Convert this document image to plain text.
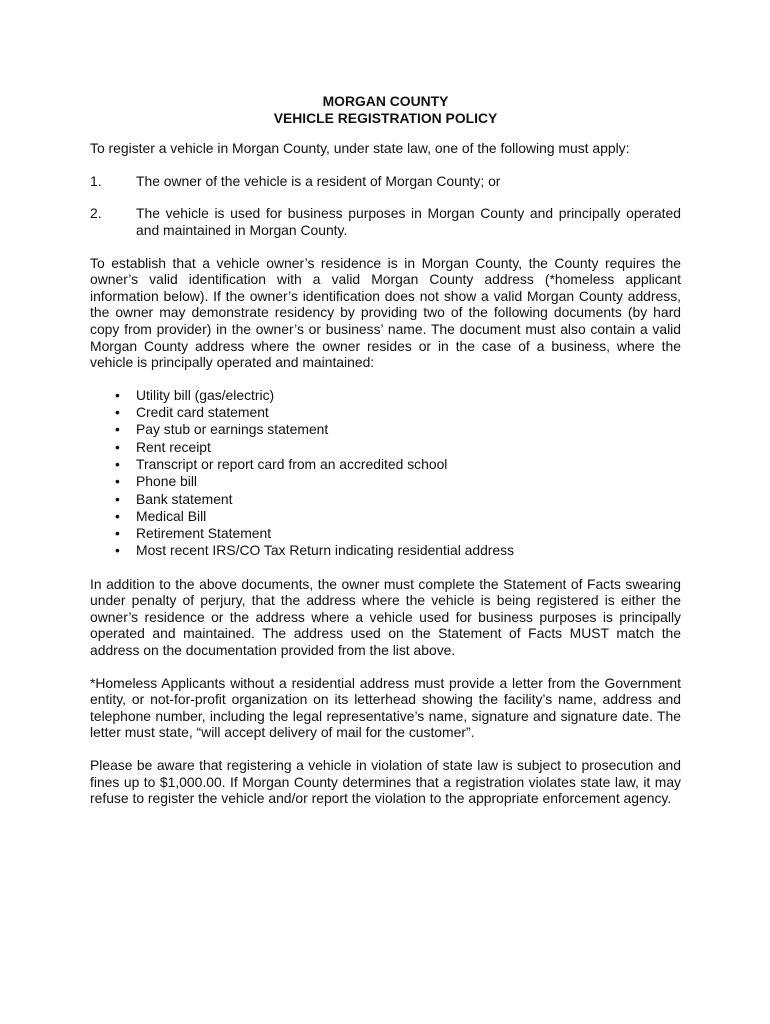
MORGAN COUNTY

VEHICLE REGISTRATION POLICY

To register a vehicle in Morgan County, under state law, one of the following must apply:

1.	The owner of the vehicle is a resident of Morgan County; or
2.	The vehicle is used for business purposes in Morgan County and principally operated and maintained in Morgan County.

To establish that a vehicle owner’s residence is in Morgan County, the County requires the owner’s valid identification with a valid Morgan County address (*homeless applicant information below). If the owner’s identification does not show a valid Morgan County address, the owner may demonstrate residency by providing two of the following documents (by hard copy from provider) in the owner’s or business’ name. The document must also contain a valid Morgan County address where the owner resides or in the case of a business, where the vehicle is principally operated and maintained:

•	Utility bill (gas/electric)
•	Credit card statement
•	Pay stub or earnings statement
•	Rent receipt
•	Transcript or report card from an accredited school
•	Phone bill
•	Bank statement
•	Medical Bill
•	Retirement Statement
•	Most recent IRS/CO Tax Return indicating residential address

In addition to the above documents, the owner must complete the Statement of Facts swearing under penalty of perjury, that the address where the vehicle is being registered is either the owner’s residence or the address where a vehicle used for business purposes is principally operated and maintained. The address used on the Statement of Facts MUST match the address on the documentation provided from the list above.

*Homeless Applicants without a residential address must provide a letter from the Government entity, or not-for-profit organization on its letterhead showing the facility’s name, address and telephone number, including the legal representative’s name, signature and signature date. The letter must state, “will accept delivery of mail for the customer”.

Please be aware that registering a vehicle in violation of state law is subject to prosecution and fines up to $1,000.00. If Morgan County determines that a registration violates state law, it may refuse to register the vehicle and/or report the violation to the appropriate enforcement agency.
